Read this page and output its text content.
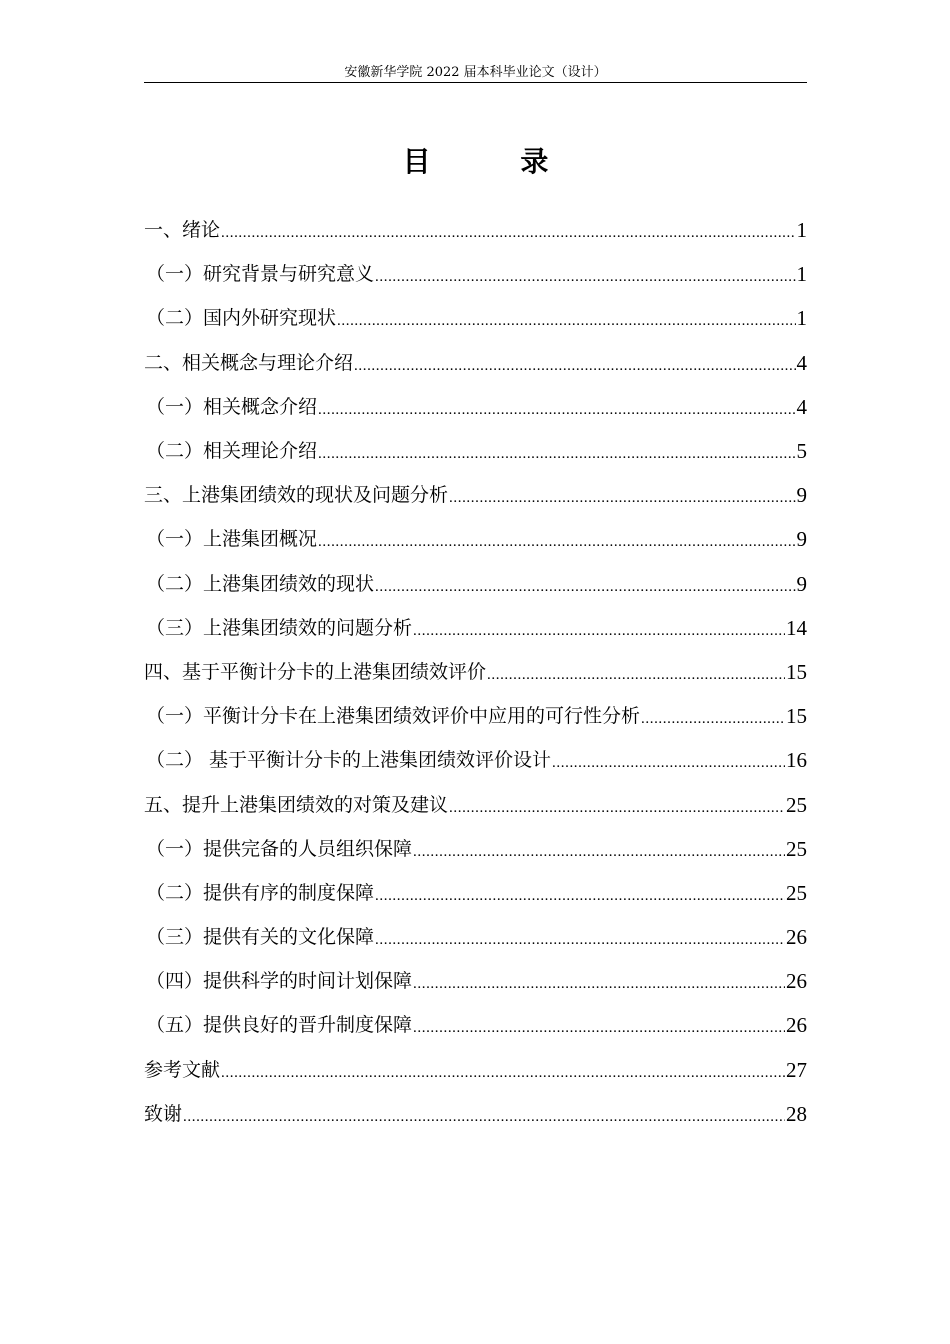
安徽新华学院 2022 届本科毕业论文（设计）
目 录
一、绪论 .....	1
（一）研究背景与研究意义 .....	1
（二）国内外研究现状 .....	1
二、相关概念与理论介绍 .....	4
（一）相关概念介绍 .....	4
（二）相关理论介绍 .....	5
三、上港集团绩效的现状及问题分析 .....	9
（一）上港集团概况 .....	9
（二）上港集团绩效的现状 .....	9
（三）上港集团绩效的问题分析 .....	14
四、基于平衡计分卡的上港集团绩效评价 .....	15
（一）平衡计分卡在上港集团绩效评价中应用的可行性分析 .....	15
（二） 基于平衡计分卡的上港集团绩效评价设计 .....	16
五、提升上港集团绩效的对策及建议 .....	25
（一）提供完备的人员组织保障 .....	25
（二）提供有序的制度保障 .....	25
（三）提供有关的文化保障 .....	26
（四）提供科学的时间计划保障 .....	26
（五）提供良好的晋升制度保障 .....	26
参考文献 .....	27
致谢 .....	28
